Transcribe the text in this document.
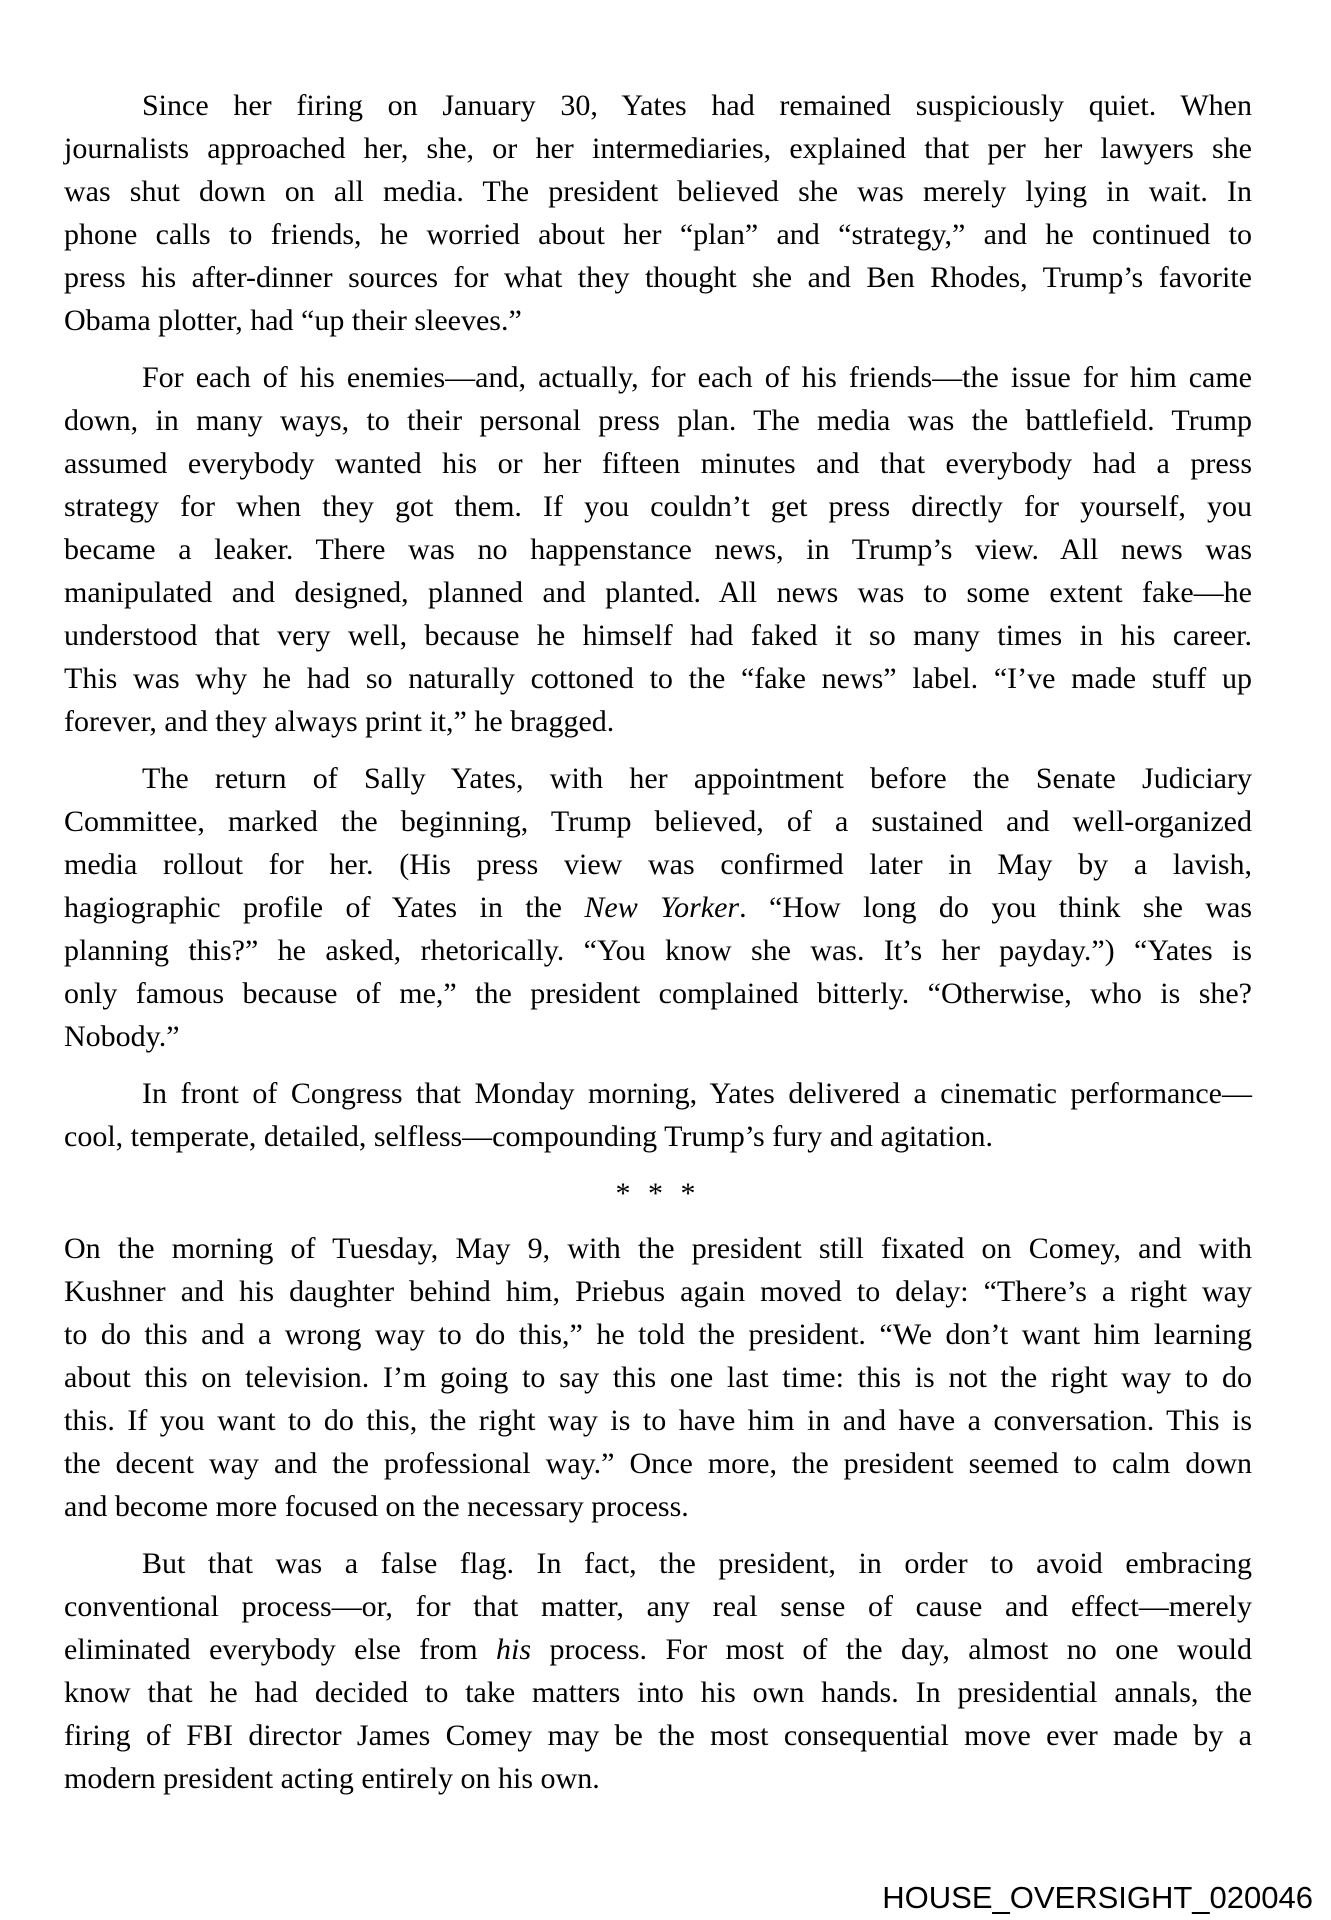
Since her firing on January 30, Yates had remained suspiciously quiet. When
journalists approached her, she, or her intermediaries, explained that per her lawyers she
was shut down on all media. The president believed she was merely lying in wait. In
phone calls to friends, he worried about her “plan” and “strategy,” and he continued to
press his after-dinner sources for what they thought she and Ben Rhodes, Trump’s favorite
Obama plotter, had “up their sleeves.”
For each of his enemies—and, actually, for each of his friends—the issue for him came
down, in many ways, to their personal press plan. The media was the battlefield. Trump
assumed everybody wanted his or her fifteen minutes and that everybody had a press
strategy for when they got them. If you couldn’t get press directly for yourself, you
became a leaker. There was no happenstance news, in Trump’s view. All news was
manipulated and designed, planned and planted. All news was to some extent fake—he
understood that very well, because he himself had faked it so many times in his career.
This was why he had so naturally cottoned to the “fake news” label. “I’ve made stuff up
forever, and they always print it,” he bragged.
The return of Sally Yates, with her appointment before the Senate Judiciary
Committee, marked the beginning, Trump believed, of a sustained and well-organized
media rollout for her. (His press view was confirmed later in May by a lavish,
hagiographic profile of Yates in the New Yorker. “How long do you think she was
planning this?” he asked, rhetorically. “You know she was. It’s her payday.”) “Yates is
only famous because of me,” the president complained bitterly. “Otherwise, who is she?
Nobody.”
In front of Congress that Monday morning, Yates delivered a cinematic performance—
cool, temperate, detailed, selfless—compounding Trump’s fury and agitation.
* * *
On the morning of Tuesday, May 9, with the president still fixated on Comey, and with
Kushner and his daughter behind him, Priebus again moved to delay: “There’s a right way
to do this and a wrong way to do this,” he told the president. “We don’t want him learning
about this on television. I’m going to say this one last time: this is not the right way to do
this. If you want to do this, the right way is to have him in and have a conversation. This is
the decent way and the professional way.” Once more, the president seemed to calm down
and become more focused on the necessary process.
But that was a false flag. In fact, the president, in order to avoid embracing
conventional process—or, for that matter, any real sense of cause and effect—merely
eliminated everybody else from his process. For most of the day, almost no one would
know that he had decided to take matters into his own hands. In presidential annals, the
firing of FBI director James Comey may be the most consequential move ever made by a
modern president acting entirely on his own.
HOUSE_OVERSIGHT_020046
